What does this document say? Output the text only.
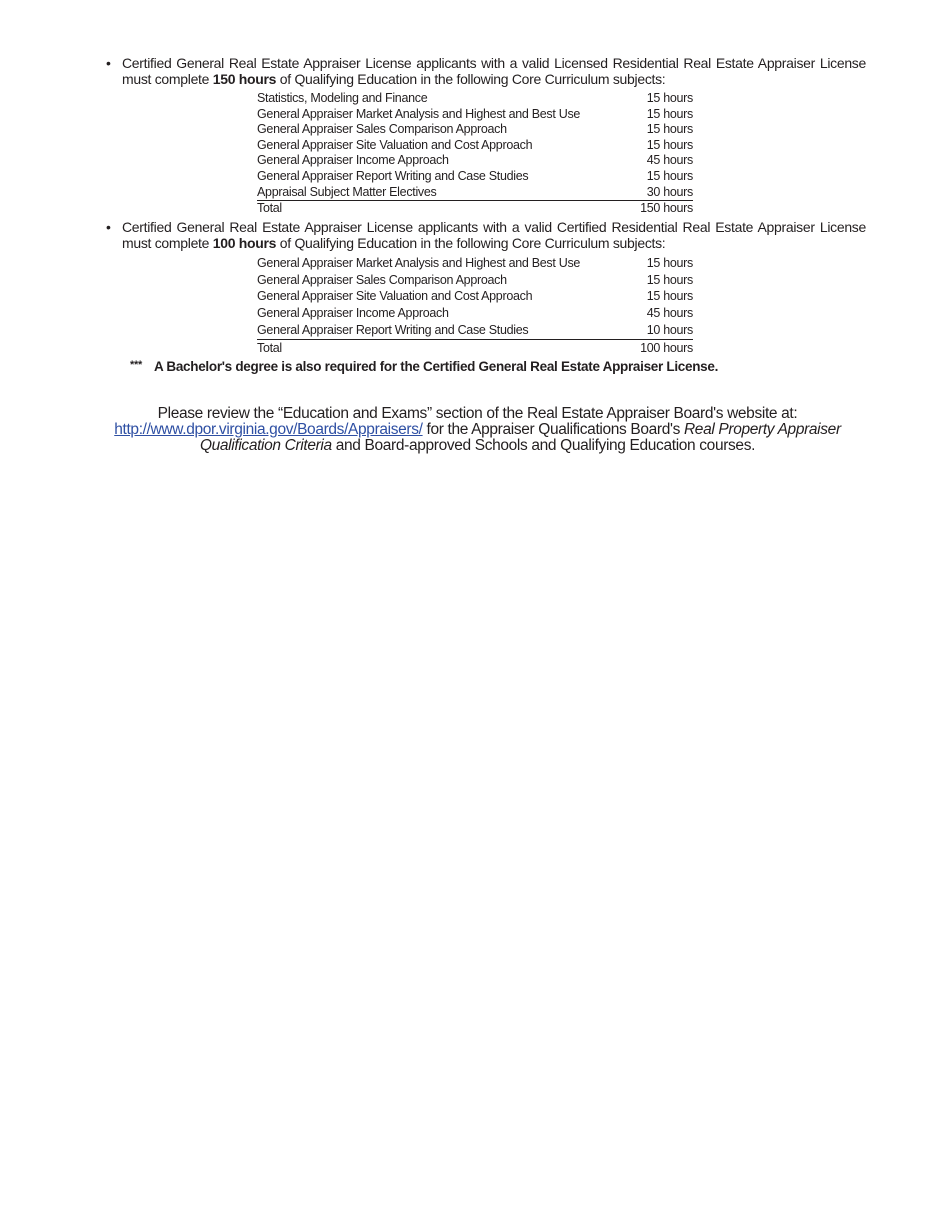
• Certified General Real Estate Appraiser License applicants with a valid Licensed Residential Real Estate Appraiser License must complete 150 hours of Qualifying Education in the following Core Curriculum subjects:

Statistics, Modeling and Finance	15 hours
General Appraiser Market Analysis and Highest and Best Use	15 hours
General Appraiser Sales Comparison Approach	15 hours
General Appraiser Site Valuation and Cost Approach	15 hours
General Appraiser Income Approach	45 hours
General Appraiser Report Writing and Case Studies	15 hours
Appraisal Subject Matter Electives	30 hours
Total	150 hours
• Certified General Real Estate Appraiser License applicants with a valid Certified Residential Real Estate Appraiser License must complete 100 hours of Qualifying Education in the following Core Curriculum subjects:

General Appraiser Market Analysis and Highest and Best Use	15 hours
General Appraiser Sales Comparison Approach	15 hours
General Appraiser Site Valuation and Cost Approach	15 hours
General Appraiser Income Approach	45 hours
General Appraiser Report Writing and Case Studies	10 hours
Total	100 hours
*** A Bachelor's degree is also required for the Certified General Real Estate Appraiser License.
Please review the “Education and Exams” section of the Real Estate Appraiser Board's website at:
http://www.dpor.virginia.gov/Boards/Appraisers/ for the Appraiser Qualifications Board's Real Property Appraiser Qualification Criteria and Board-approved Schools and Qualifying Education courses.
